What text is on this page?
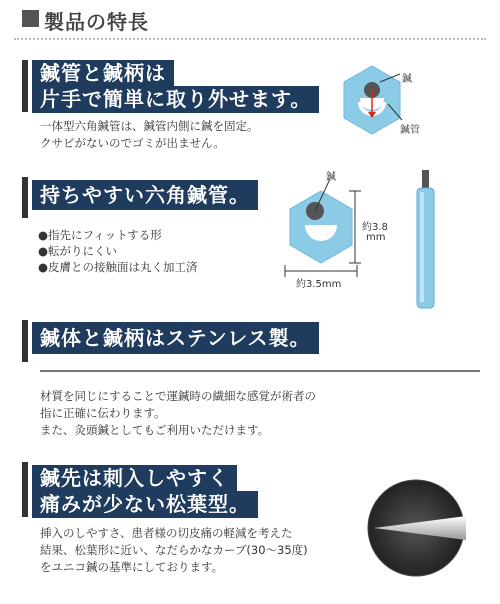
製品の特長
鍼管と鍼柄は
片手で簡単に取り外せます。
一体型六角鍼管は、鍼管内側に鍼を固定。
クサビがないのでゴミが出ません。
鍼
鍼管
持ちやすい六角鍼管。
●指先にフィットする形
●転がりにくい
●皮膚との接触面は丸く加工済
鍼
約3.8
mm
約3.5mm
鍼体と鍼柄はステンレス製。
材質を同じにすることで運鍼時の繊細な感覚が術者の
指に正確に伝わります。
また、灸頭鍼としてもご利用いただけます。
鍼先は刺入しやすく
痛みが少ない松葉型。
挿入のしやすさ、患者様の切皮痛の軽減を考えた
結果、松葉形に近い、なだらかなカーブ(30～35度)
をユニコ鍼の基準にしております。
